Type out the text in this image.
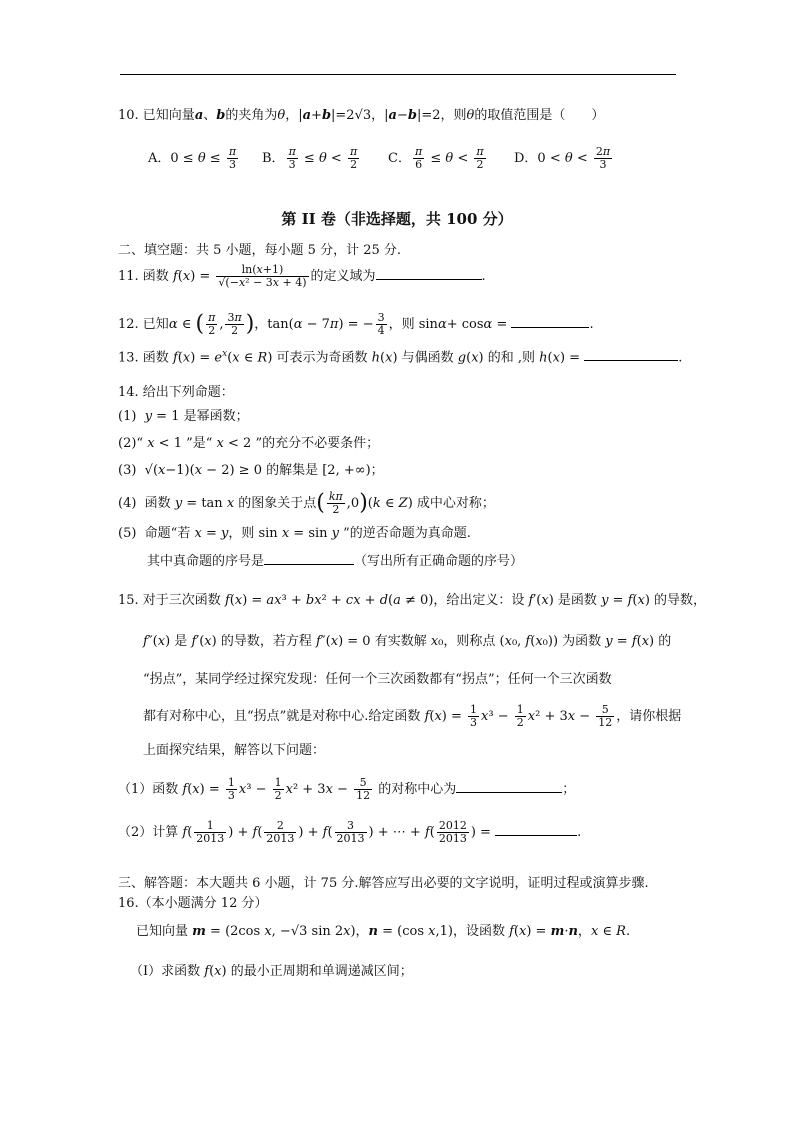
10. 已知向量a、b的夹角为θ，|a+b|=2√3，|a−b|=2，则θ的取值范围是（　　）
A．$0 \le \theta \le \frac{\pi}{3}$ B． $\frac{\pi}{3} \le \theta < \frac{\pi}{2}$ C． $\frac{\pi}{6} \le \theta < \frac{\pi}{2}$ D．$0 < \theta < \frac{2\pi}{3}$
第 II 卷（非选择题，共 100 分）
二、填空题：共 5 小题，每小题 5 分，计 25 分.
11. 函数 $f(x) = \frac{\ln(x+1)}{\text{√(−x² − 3x + 4)}}$ 的定义域为	.
12. 已知α ∈ ( $\frac{\pi}{2}$ , $\frac{3\pi}{2}$ )，tan(α − 7π) = − $\frac{3}{4}$ ，则 sinα+ cosα =	.
13. 函数 $f(x) = e^x(x$ ∈ R) 可表示为奇函数 h(x) 与偶函数 g(x) 的和 ,则 h(x) =	.
14. 给出下列命题：
(1)  y = 1 是幂函数；
(2)“ x < 1 ”是“ x < 2 ”的充分不必要条件；
(3)  √(x−1)(x − 2) ≥ 0 的解集是 [2, +∞)；
(4)  函数 y = tan x 的图象关于点( $\frac{k\pi}{2} ,0)(k$ ∈ Z) 成中心对称；
(5)  命题“若 x = y，则 sin x = sin y ”的逆否命题为真命题.
其中真命题的序号是	（写出所有正确命题的序号）
15. 对于三次函数 f(x) = ax³ + bx² + cx + d(a ≠ 0)，给出定义：设 f′(x) 是函数 y = f(x) 的导数，
f″(x) 是 f′(x) 的导数，若方程 f″(x) = 0 有实数解 x₀，则称点 (x₀, f(x₀)) 为函数 y = f(x) 的
“拐点”，某同学经过探究发现：任何一个三次函数都有“拐点”；任何一个三次函数
都有对称中心，且“拐点”就是对称中心.给定函数 $f(x) = \frac{1}{3} x^3 - \frac{1}{2} x^2 + 3x - \frac{5}{12}$ ，请你根据
上面探究结果，解答以下问题：
（1）函数 $f(x) = \frac{1}{3} x^3 - \frac{1}{2} x^2 + 3x - \frac{5}{12}$ 的对称中心为	；
（2）计算 $f( \frac{1}{2013}$ ) + $f( \frac{2}{2013}$ ) + $f( \frac{3}{2013}$ ) + ⋯ + $f( \frac{2012}{2013}$ ) =	.
三、解答题：本大题共 6 小题，计 75 分.解答应写出必要的文字说明，证明过程或演算步骤.
16.（本小题满分 12 分）
已知向量 m = (2cos x, −√3 sin 2x)，n = (cos x,1)，设函数 f(x) = m·n，x ∈ R.
（Ⅰ）求函数 f(x) 的最小正周期和单调递减区间；
